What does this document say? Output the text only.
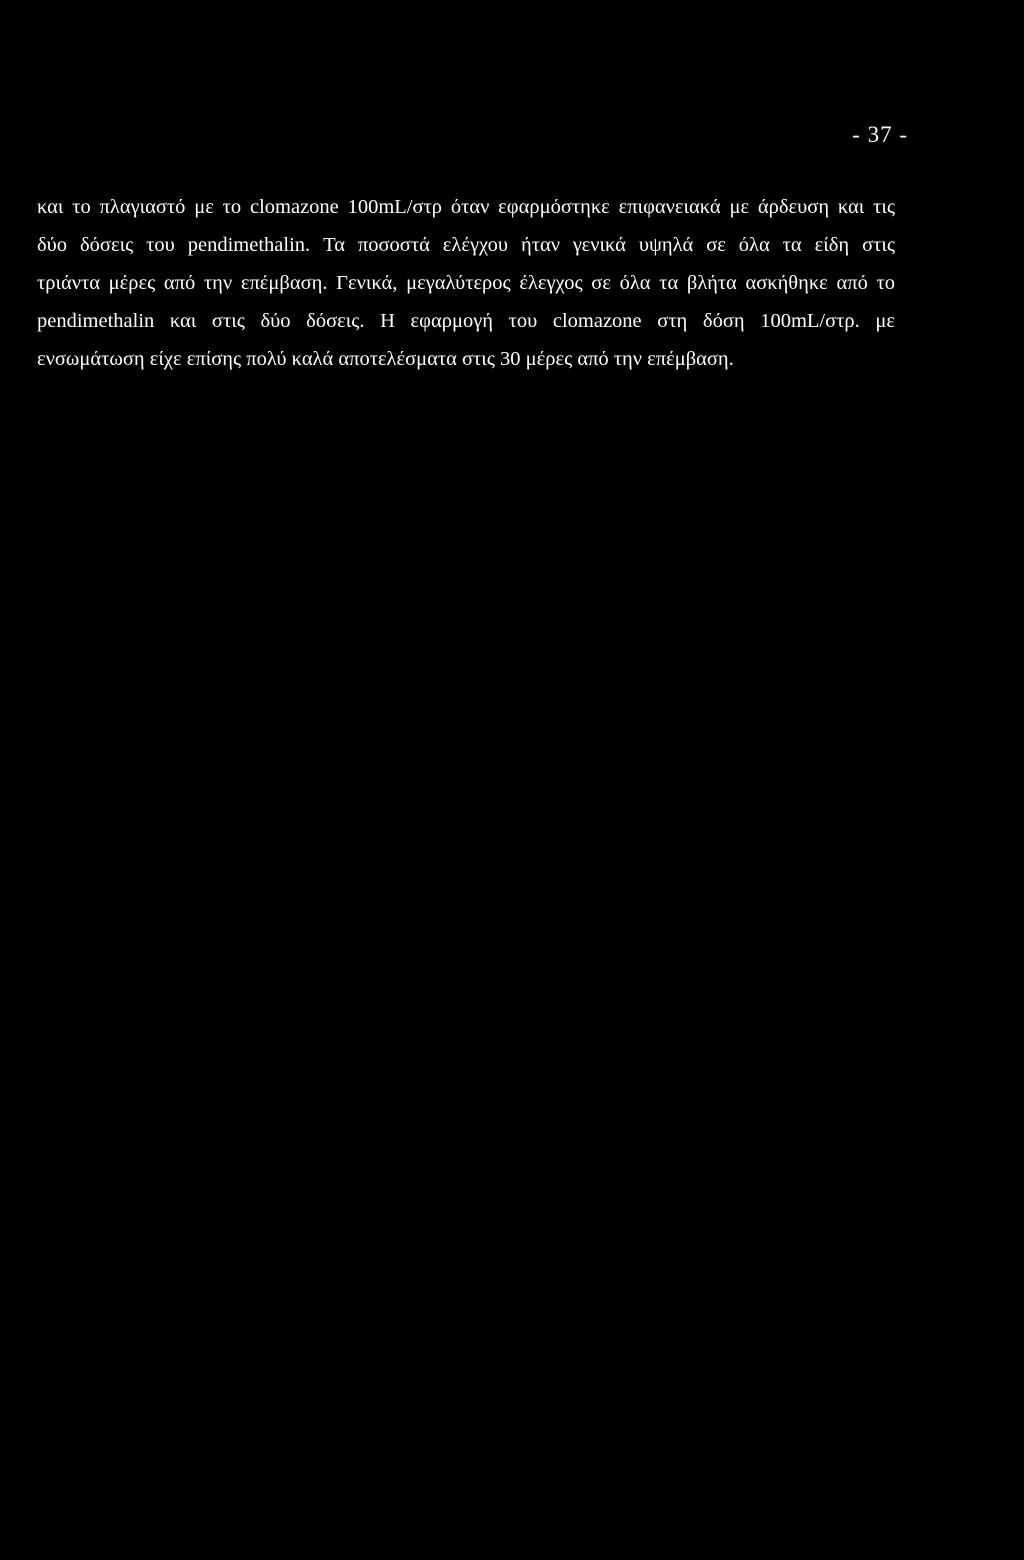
- 37 -

και το πλαγιαστό με το clomazone 100mL/στρ όταν εφαρμόστηκε επιφανειακά με άρδευση και τις
δύο δόσεις του pendimethalin. Τα ποσοστά ελέγχου ήταν γενικά υψηλά σε όλα τα είδη στις
τριάντα μέρες από την επέμβαση. Γενικά, μεγαλύτερος έλεγχος σε όλα τα βλήτα ασκήθηκε από το
pendimethalin και στις δύο δόσεις. Η εφαρμογή του clomazone στη δόση 100mL/στρ. με
ενσωμάτωση είχε επίσης πολύ καλά αποτελέσματα στις 30 μέρες από την επέμβαση.
